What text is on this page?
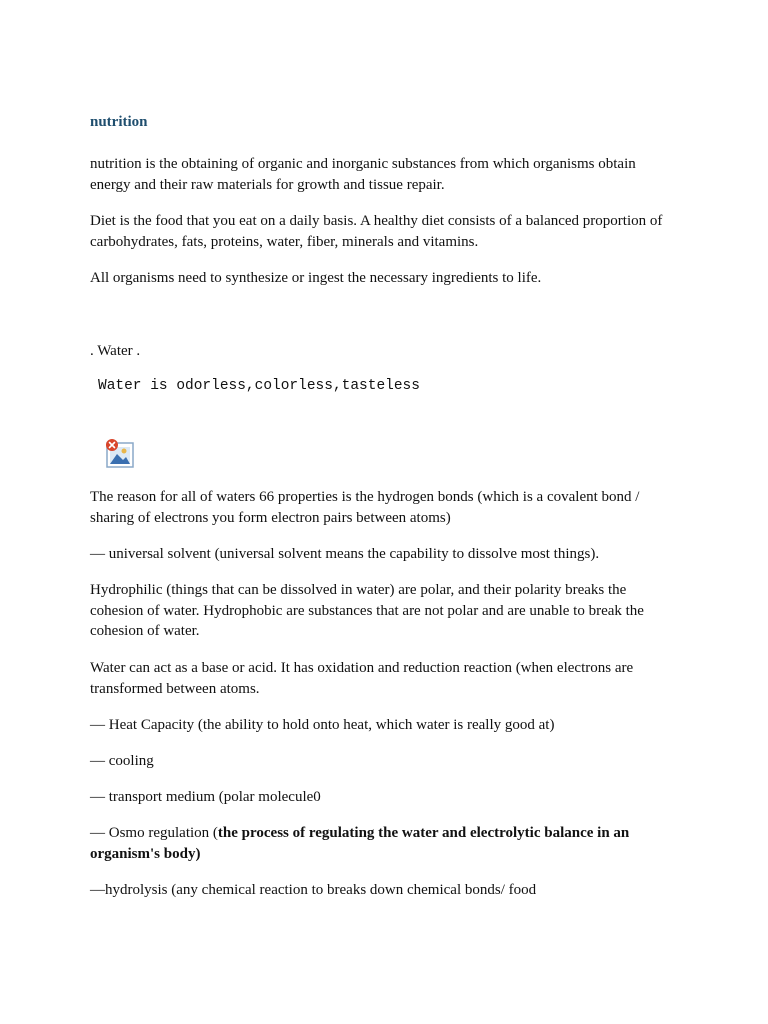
nutrition

nutrition is the obtaining of organic and inorganic substances from which organisms obtain energy and their raw materials for growth and tissue repair.

Diet is the food that you eat on a daily basis. A healthy diet consists of a balanced proportion of carbohydrates, fats, proteins, water, fiber, minerals and vitamins.

All organisms need to synthesize or ingest the necessary ingredients to life.

. Water .

Water is odorless,colorless,tasteless

The reason for all of waters 66 properties is the hydrogen bonds (which is a covalent bond / sharing of electrons you form electron pairs between atoms)

— universal solvent (universal solvent means the capability to dissolve most things).

Hydrophilic (things that can be dissolved in water) are polar, and their polarity breaks the cohesion of water. Hydrophobic are substances that are not polar and are unable to break the cohesion of water.

Water can act as a base or acid. It has oxidation and reduction reaction (when electrons are transformed between atoms.

— Heat Capacity (the ability to hold onto heat, which water is really good at)

— cooling

— transport medium (polar molecule0

— Osmo regulation (the process of regulating the water and electrolytic balance in an organism's body)

—hydrolysis (any chemical reaction to breaks down chemical bonds/ food
